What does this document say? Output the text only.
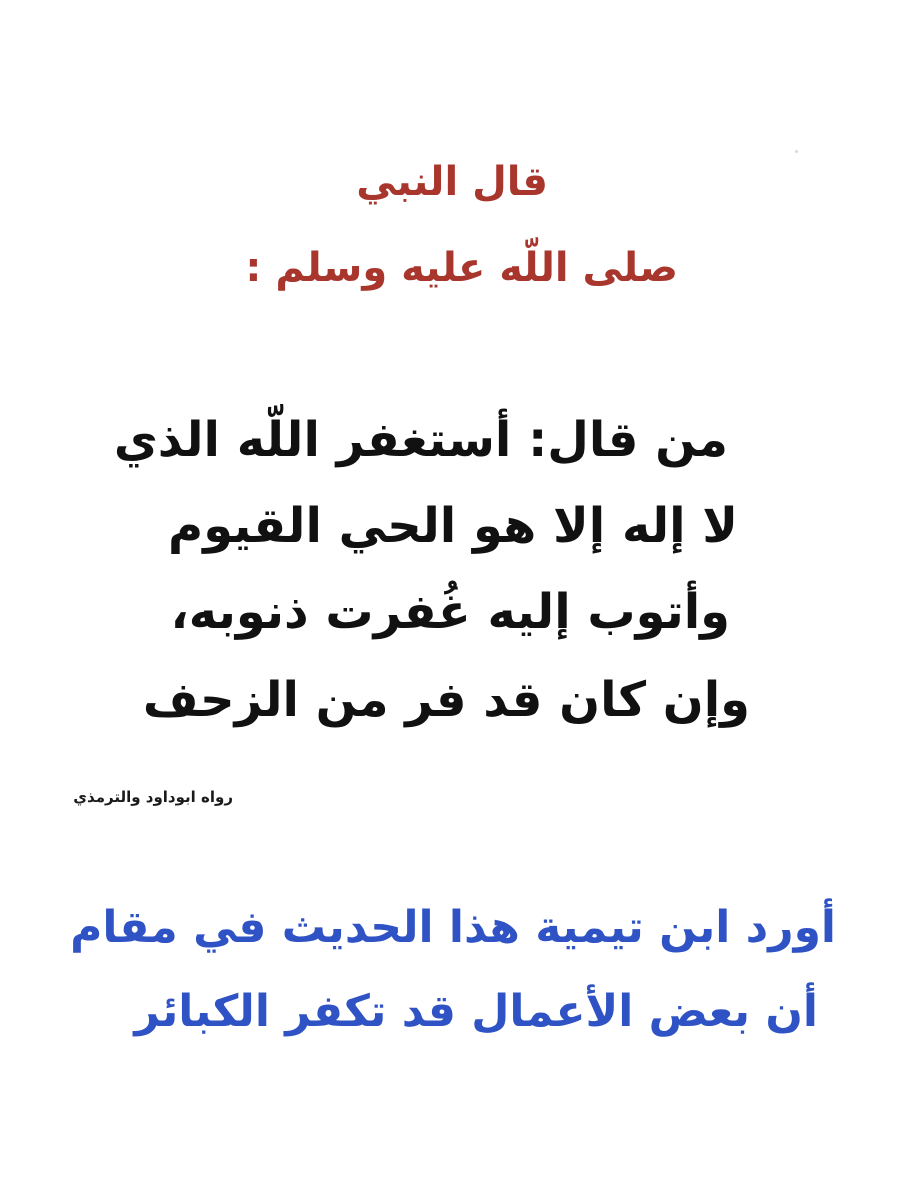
قال النبي
صلى اللّه عليه وسلم :
من قال: أستغفر اللّه الذي
لا إله إلا هو الحي القيوم
وأتوب إليه غُفرت ذنوبه،
وإن كان قد فر من الزحف
رواه ابوداود والترمذي
أورد ابن تيمية هذا الحديث في مقام
أن بعض الأعمال قد تكفر الكبائر
